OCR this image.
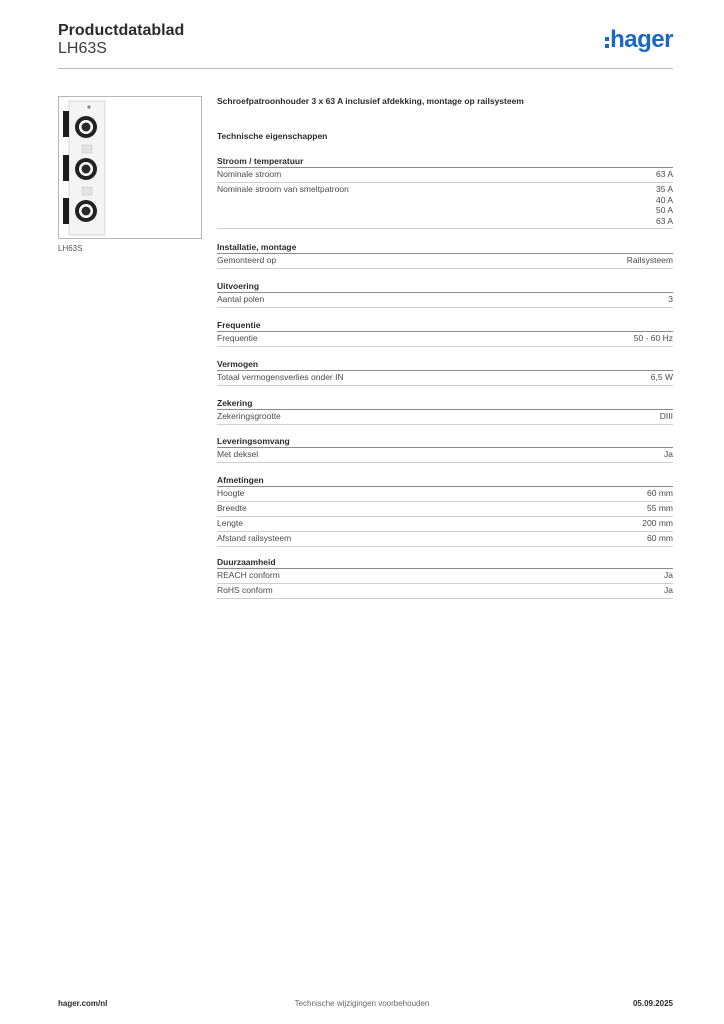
Productdatablad
LH63S	hager
LH63S
Schroefpatroonhouder 3 x 63 A inclusief afdekking, montage op railsysteem
Technische eigenschappen
Stroom / temperatuur
Nominale stroom	63 A
Nominale stroom van smeltpatroon	35 A
40 A
50 A
63 A
Installatie, montage
Gemonteerd op	Railsysteem
Uitvoering
Aantal polen	3
Frequentie
Frequentie	50 - 60 Hz
Vermogen
Totaal vermogensverlies onder IN	6,5 W
Zekering
Zekeringsgrootte	DIII
Leveringsomvang
Met deksel	Ja
Afmetingen
Hoogte	60 mm
Breedte	55 mm
Lengte	200 mm
Afstand railsysteem	60 mm
Duurzaamheid
REACH conform	Ja
RoHS conform	Ja
hager.com/nl	Technische wijzigingen voorbehouden	05.09.2025
